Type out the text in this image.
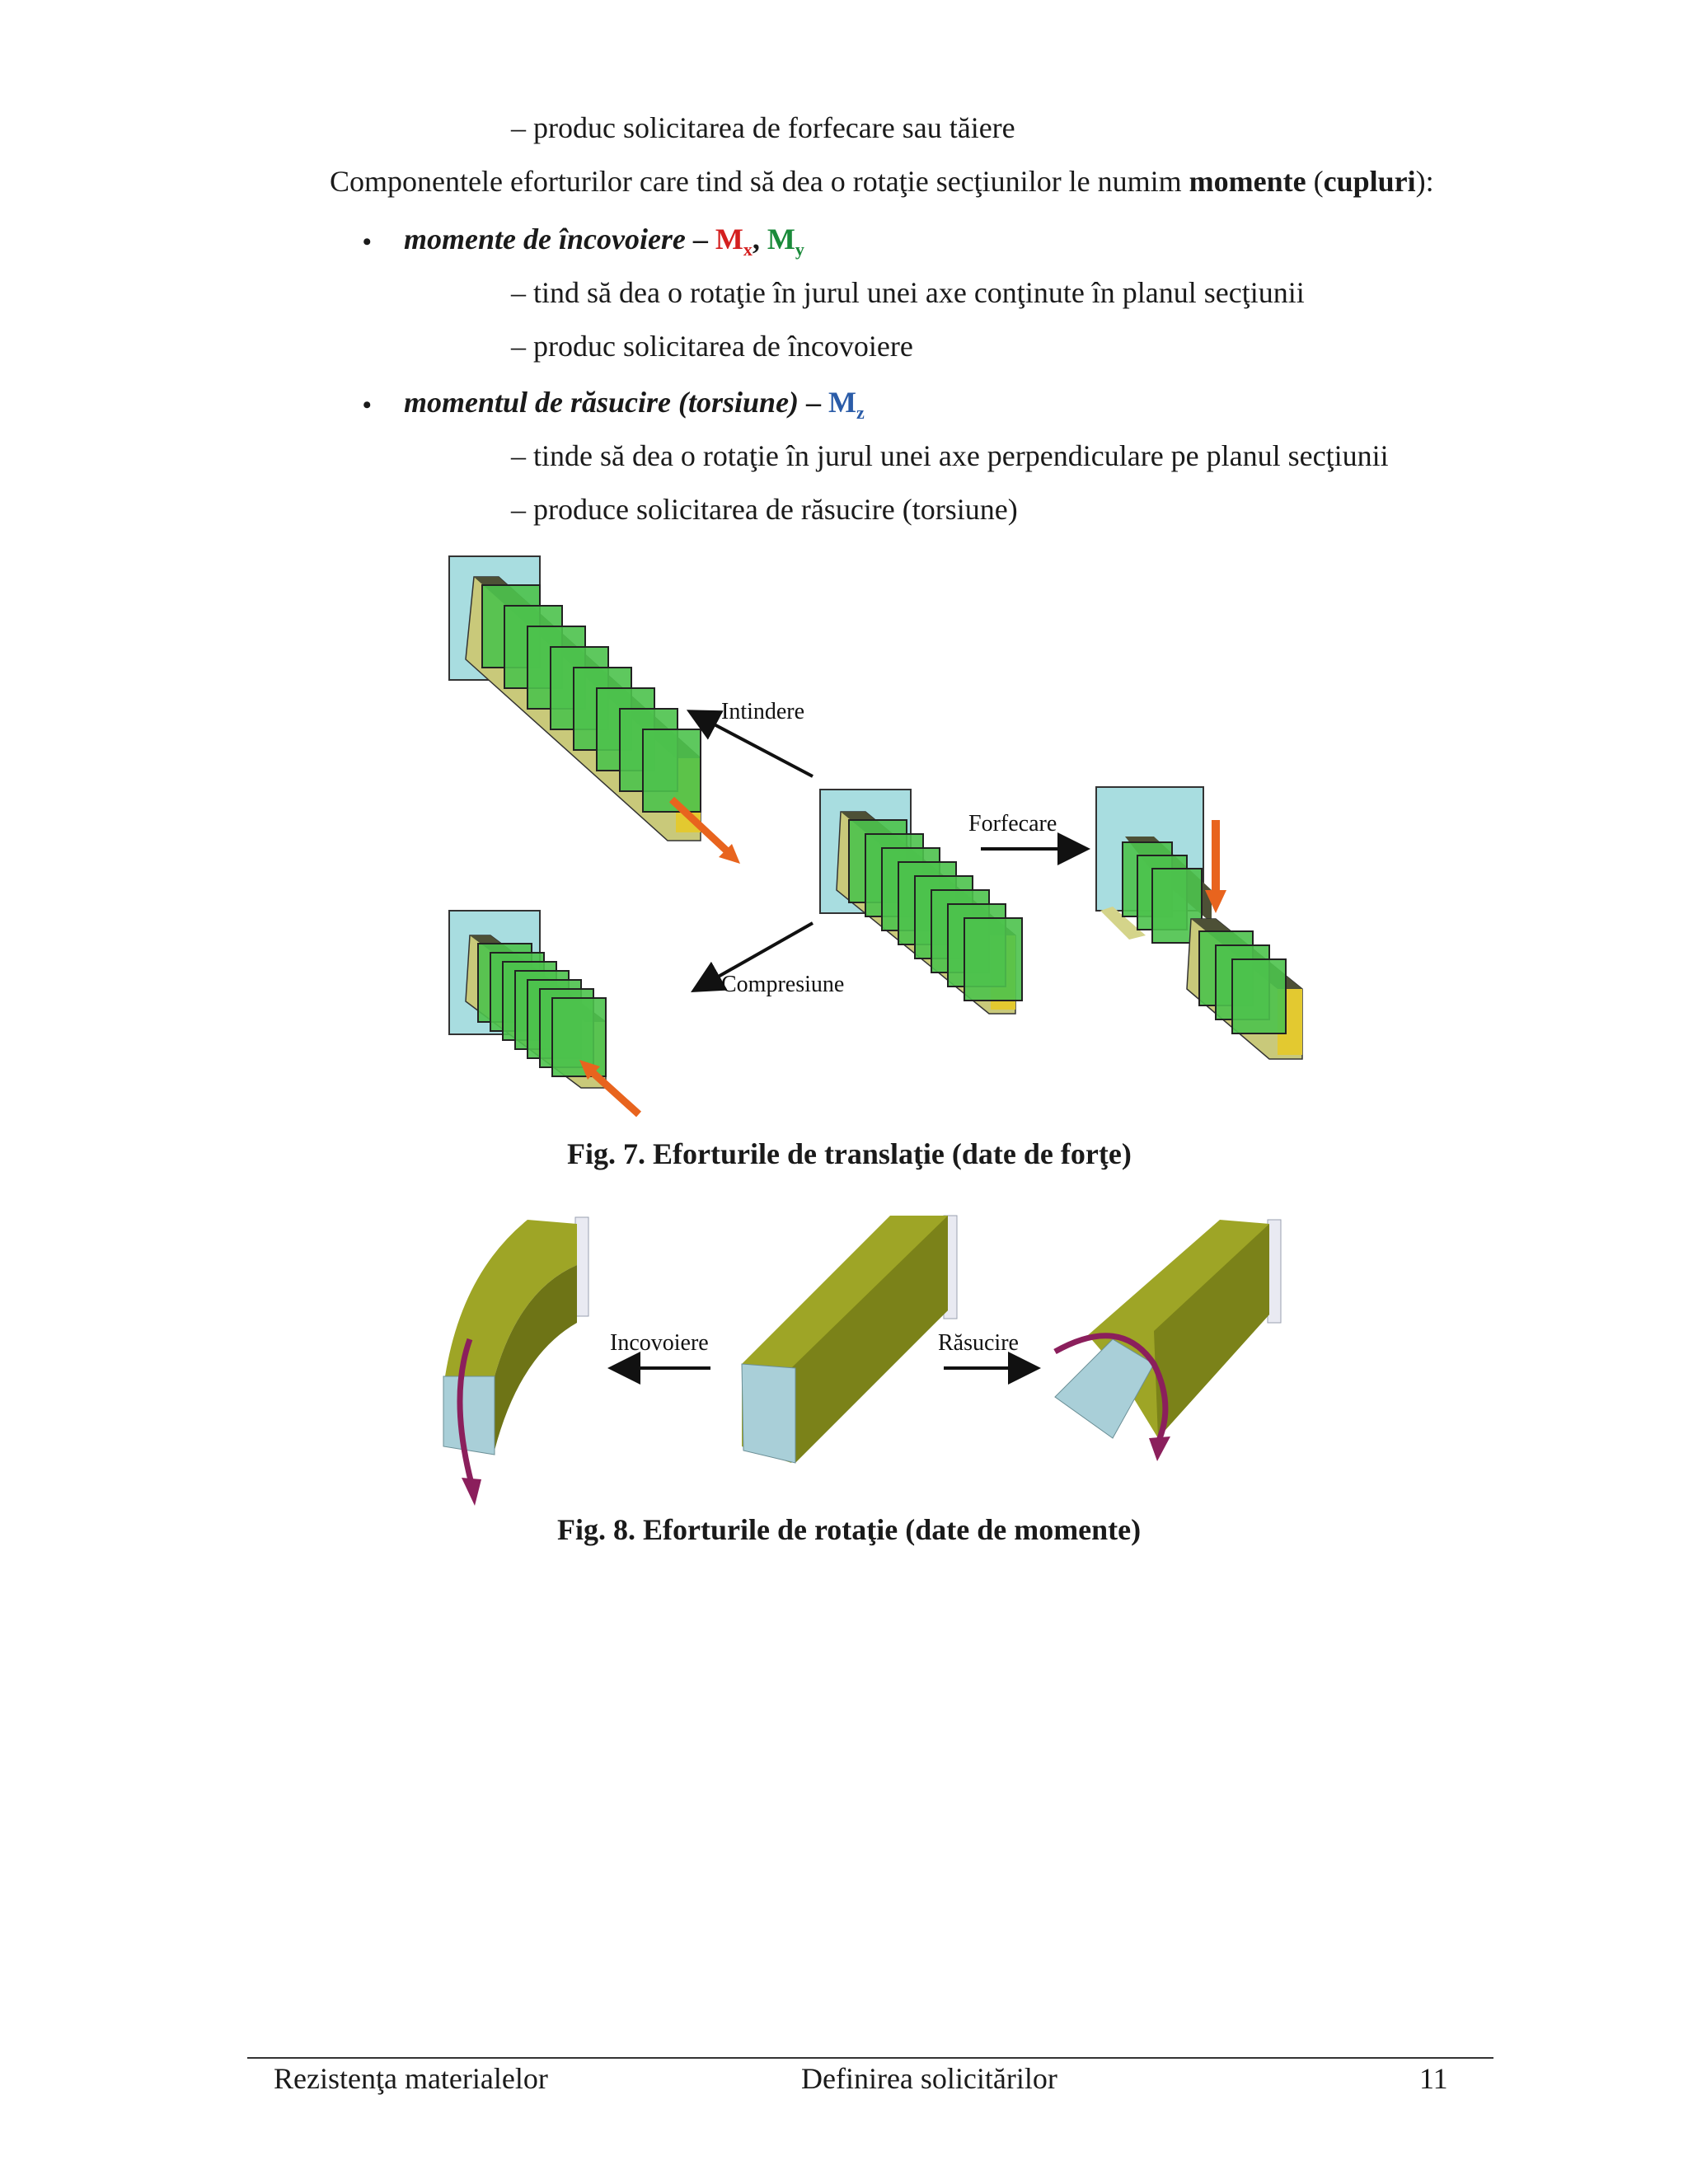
– produc solicitarea de forfecare sau tăiere
Componentele eforturilor care tind să dea o rotaţie secţiunilor le numim momente (cupluri):
• momente de încovoiere – $M_x$, $M_y$
– tind să dea o rotaţie în jurul unei axe conţinute în planul secţiunii
– produc solicitarea de încovoiere
• momentul de răsucire (torsiune) – $M_z$
– tinde să dea o rotaţie în jurul unei axe perpendiculare pe planul secţiunii
– produce solicitarea de răsucire (torsiune)
Intindere
Forfecare
Compresiune
Fig. 7. Eforturile de translaţie (date de forţe)
Incovoiere	Răsucire
Fig. 8. Eforturile de rotaţie (date de momente)
Rezistenţa materialelor	Definirea solicitărilor	11
